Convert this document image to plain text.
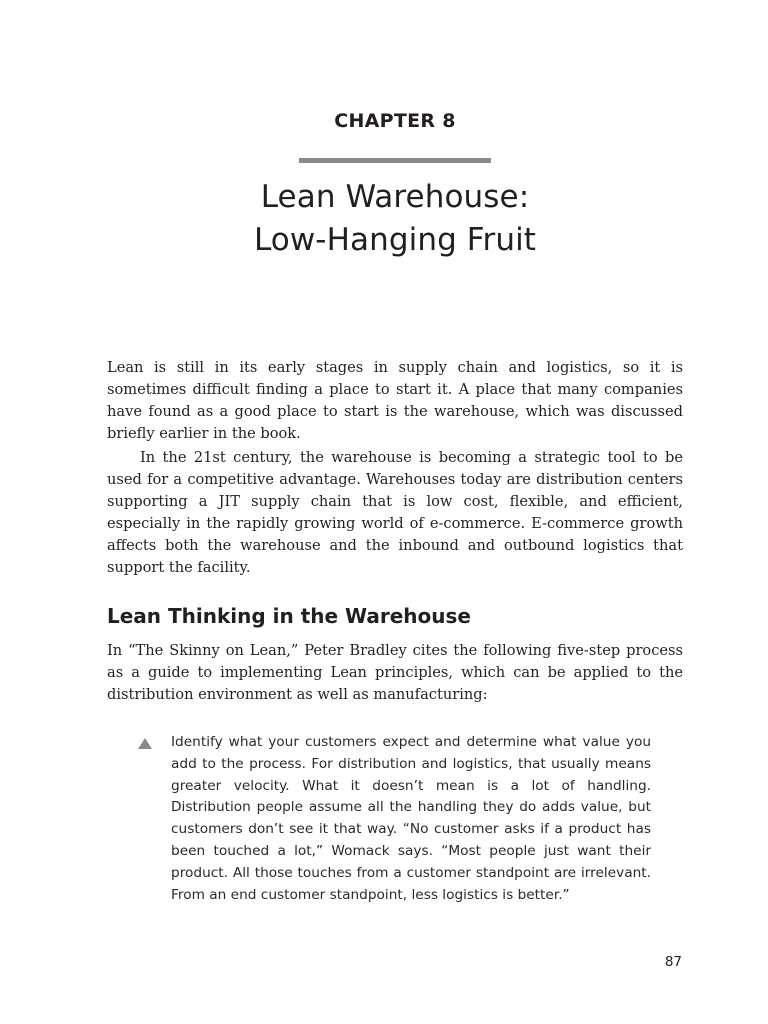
CHAPTER 8
Lean Warehouse:
Low-Hanging Fruit

Lean is still in its early stages in supply chain and logistics, so it is sometimes difficult finding a place to start it. A place that many companies have found as a good place to start is the warehouse, which was discussed briefly earlier in the book.

In the 21st century, the warehouse is becoming a strategic tool to be used for a competitive advantage. Warehouses today are distribution centers supporting a JIT supply chain that is low cost, flexible, and efficient, especially in the rapidly growing world of e-commerce. E-commerce growth affects both the warehouse and the inbound and outbound logistics that support the facility.

Lean Thinking in the Warehouse

In “The Skinny on Lean,” Peter Bradley cites the following five-step process as a guide to implementing Lean principles, which can be applied to the distribution environment as well as manufacturing:

Identify what your customers expect and determine what value you add to the process. For distribution and logistics, that usually means greater velocity. What it doesn’t mean is a lot of handling. Distribution people assume all the handling they do adds value, but customers don’t see it that way. “No customer asks if a product has been touched a lot,” Womack says. “Most people just want their product. All those touches from a customer standpoint are irrelevant. From an end customer standpoint, less logistics is better.”
87
